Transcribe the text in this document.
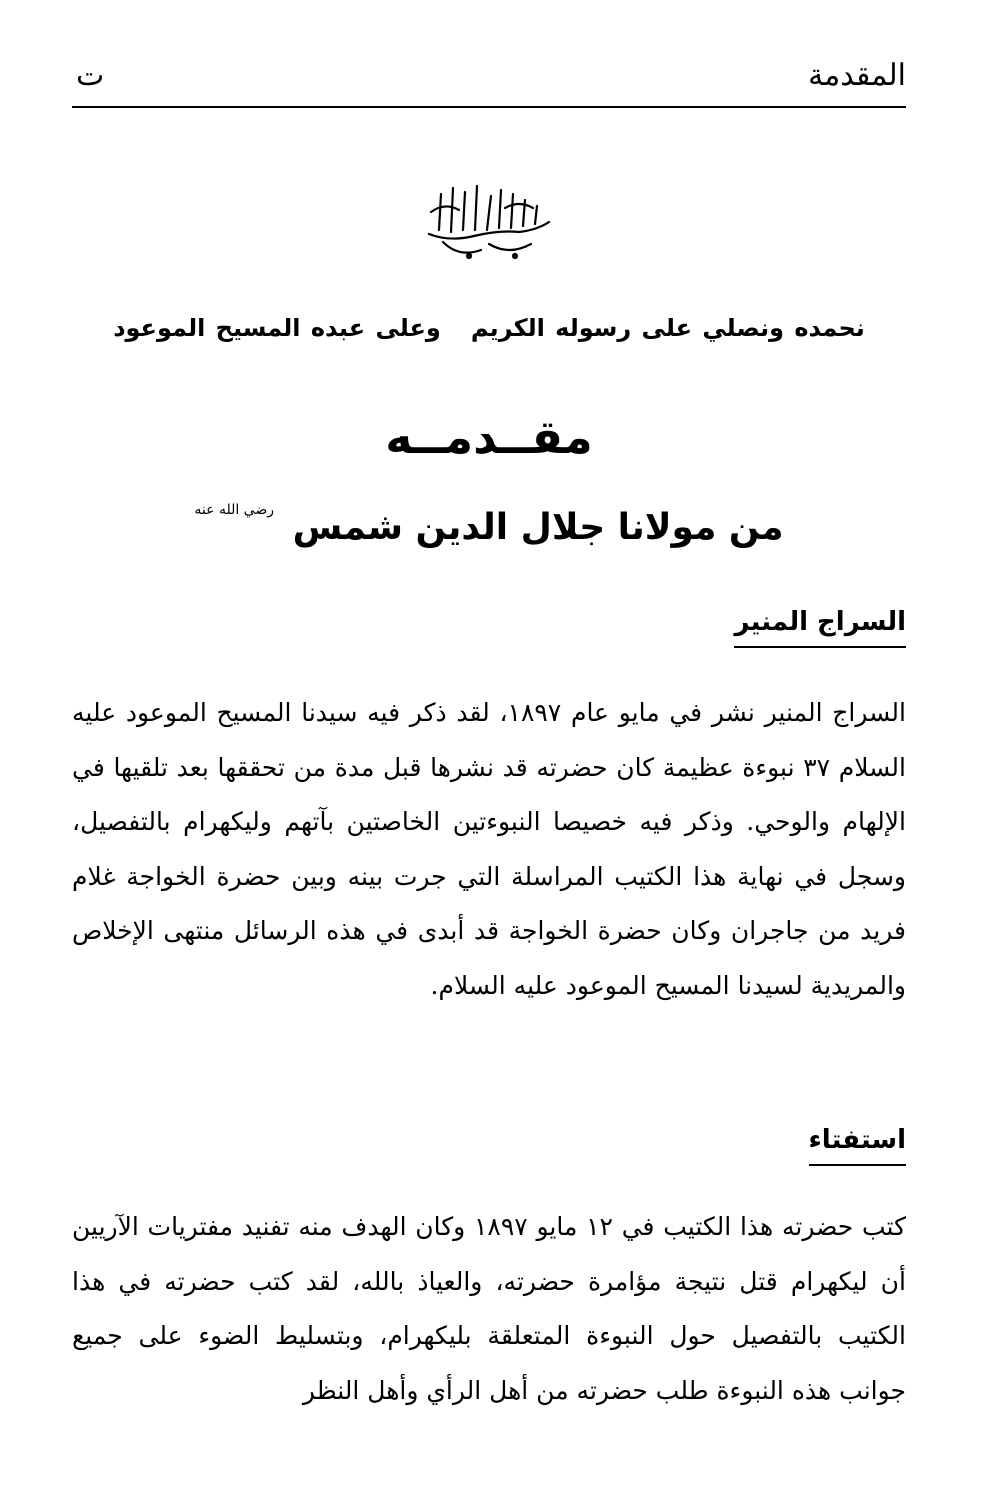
المقدمة
ت
نحمده ونصلي على رسوله الكريموعلى عبده المسيح الموعود
مقــدمــه
من مولانا جلال الدين شمس رضي الله عنه
السراج المنير

السراج المنير نشر في مايو عام ١٨٩٧، لقد ذكر فيه سيدنا المسيح الموعود عليه السلام ٣٧ نبوءة عظيمة كان حضرته قد نشرها قبل مدة من تحققها بعد تلقيها في الإلهام والوحي. وذكر فيه خصيصا النبوءتين الخاصتين بآتهم وليكهرام بالتفصيل، وسجل في نهاية هذا الكتيب المراسلة التي جرت بينه وبين حضرة الخواجة غلام فريد من جاجران وكان حضرة الخواجة قد أبدى في هذه الرسائل منتهى الإخلاص والمريدية لسيدنا المسيح الموعود عليه السلام.

استفتاء

كتب حضرته هذا الكتيب في ١٢ مايو ١٨٩٧ وكان الهدف منه تفنيد مفتريات الآريين أن ليكهرام قتل نتيجة مؤامرة حضرته، والعياذ بالله، لقد كتب حضرته في هذا الكتيب بالتفصيل حول النبوءة المتعلقة بليكهرام، وبتسليط الضوء على جميع جوانب هذه النبوءة طلب حضرته من أهل الرأي وأهل النظر
